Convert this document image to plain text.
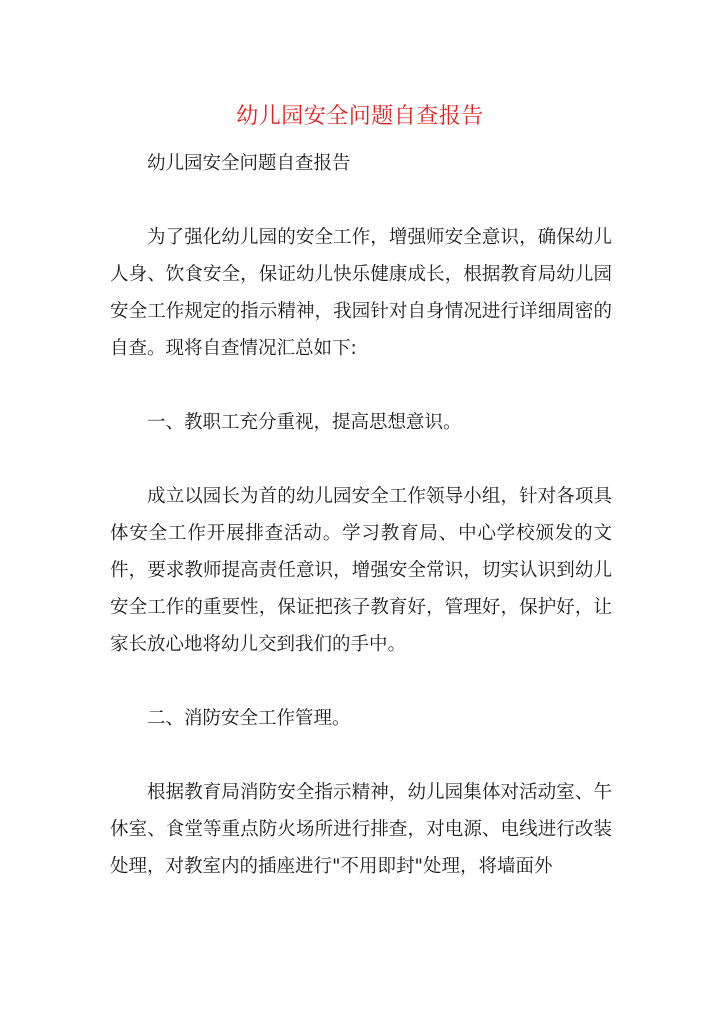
幼儿园安全问题自查报告

幼儿园安全问题自查报告

为了强化幼儿园的安全工作，增强师安全意识，确保幼儿人身、饮食安全，保证幼儿快乐健康成长，根据教育局幼儿园安全工作规定的指示精神，我园针对自身情况进行详细周密的自查。现将自查情况汇总如下:

一、教职工充分重视，提高思想意识。

成立以园长为首的幼儿园安全工作领导小组，针对各项具体安全工作开展排查活动。学习教育局、中心学校颁发的文件，要求教师提高责任意识，增强安全常识，切实认识到幼儿安全工作的重要性，保证把孩子教育好，管理好，保护好，让家长放心地将幼儿交到我们的手中。

二、消防安全工作管理。

根据教育局消防安全指示精神，幼儿园集体对活动室、午休室、食堂等重点防火场所进行排查，对电源、电线进行改装处理，对教室内的插座进行"不用即封"处理，将墙面外
